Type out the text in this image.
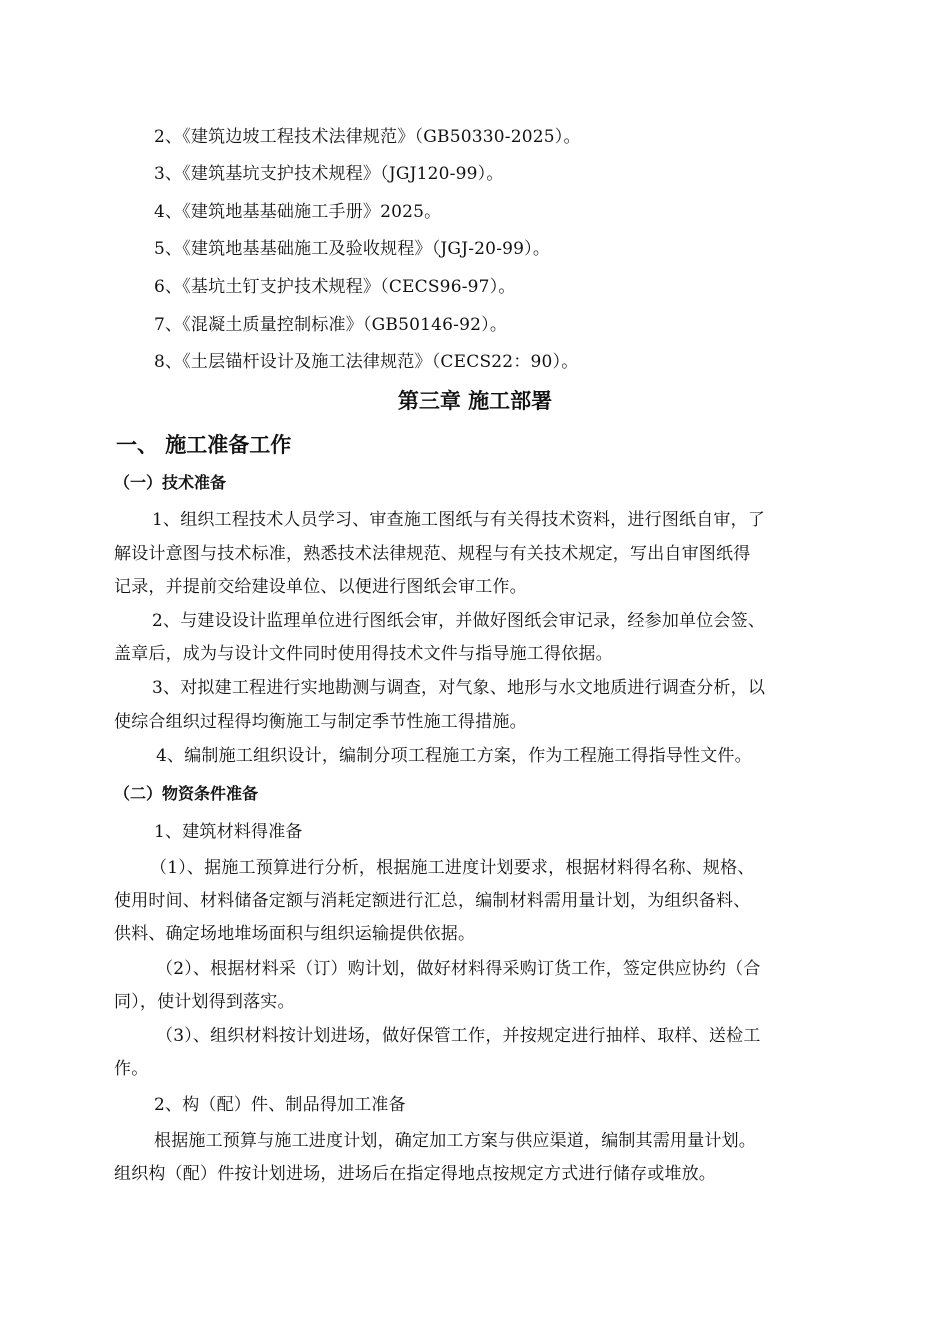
2、《建筑边坡工程技术法律规范》（GB50330-2025）。
3、《建筑基坑支护技术规程》（JGJ120-99）。
4、《建筑地基基础施工手册》2025。
5、《建筑地基基础施工及验收规程》（JGJ-20-99）。
6、《基坑土钉支护技术规程》（CECS96-97）。
7、《混凝土质量控制标准》（GB50146-92）。
8、《土层锚杆设计及施工法律规范》（CECS22：90）。
第三章 施工部署
一、 施工准备工作
（一）技术准备
1、组织工程技术人员学习、审查施工图纸与有关得技术资料，进行图纸自审，了
解设计意图与技术标准，熟悉技术法律规范、规程与有关技术规定，写出自审图纸得
记录，并提前交给建设单位、以便进行图纸会审工作。
2、与建设设计监理单位进行图纸会审，并做好图纸会审记录，经参加单位会签、
盖章后，成为与设计文件同时使用得技术文件与指导施工得依据。
3、对拟建工程进行实地勘测与调查，对气象、地形与水文地质进行调查分析，以
使综合组织过程得均衡施工与制定季节性施工得措施。
4、编制施工组织设计，编制分项工程施工方案，作为工程施工得指导性文件。
（二）物资条件准备
1、建筑材料得准备
（1）、据施工预算进行分析，根据施工进度计划要求，根据材料得名称、规格、
使用时间、材料储备定额与消耗定额进行汇总，编制材料需用量计划，为组织备料、
供料、确定场地堆场面积与组织运输提供依据。
（2）、根据材料采（订）购计划，做好材料得采购订货工作，签定供应协约（合
同），使计划得到落实。
（3）、组织材料按计划进场，做好保管工作，并按规定进行抽样、取样、送检工
作。
2、构（配）件、制品得加工准备
根据施工预算与施工进度计划，确定加工方案与供应渠道，编制其需用量计划。
组织构（配）件按计划进场，进场后在指定得地点按规定方式进行储存或堆放。
